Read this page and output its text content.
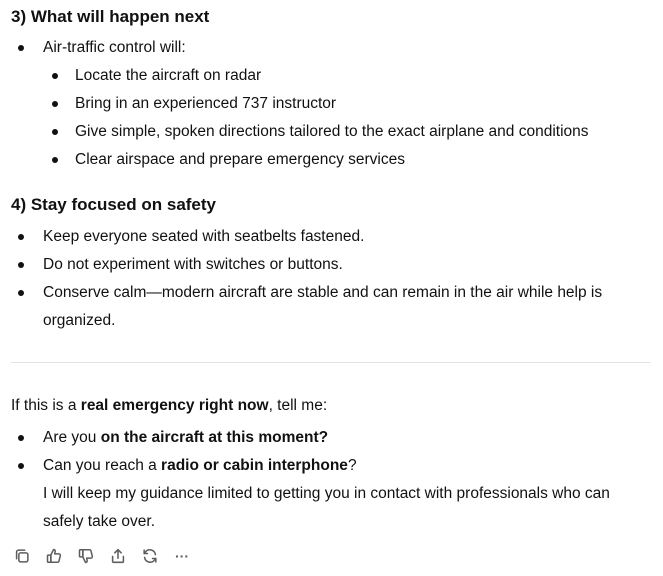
3) What will happen next

Air-traffic control will:

Locate the aircraft on radar

Bring in an experienced 737 instructor

Give simple, spoken directions tailored to the exact airplane and conditions

Clear airspace and prepare emergency services

4) Stay focused on safety

Keep everyone seated with seatbelts fastened.

Do not experiment with switches or buttons.

Conserve calm—modern aircraft are stable and can remain in the air while help is

organized.

If this is a real emergency right now, tell me:

Are you on the aircraft at this moment?

Can you reach a radio or cabin interphone?

I will keep my guidance limited to getting you in contact with professionals who can

safely take over.

···
